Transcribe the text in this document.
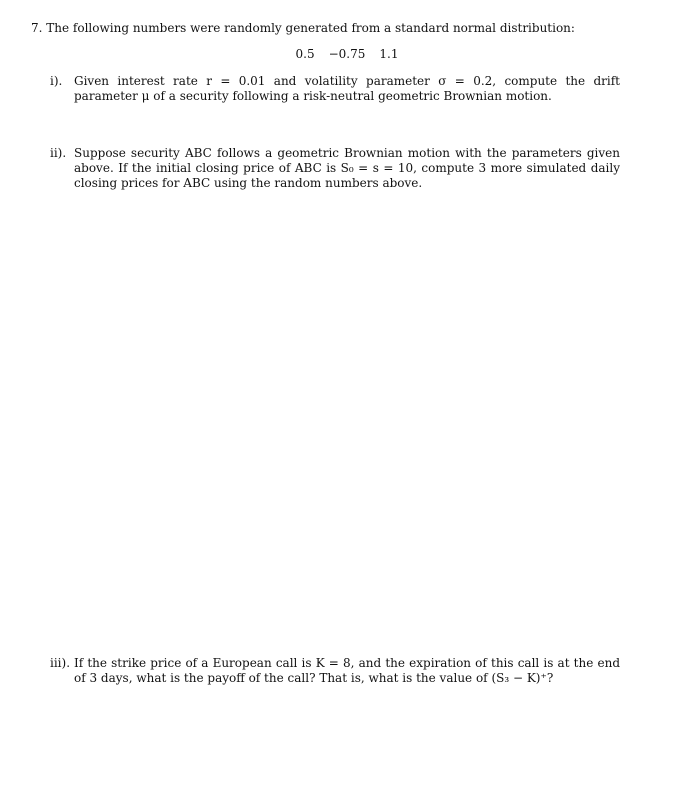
7. The following numbers were randomly generated from a standard normal distribution:
0.5 −0.75 1.1
i). Given interest rate r = 0.01 and volatility parameter σ = 0.2, compute the drift parameter μ of a security following a risk-neutral geometric Brownian motion.
ii). Suppose security ABC follows a geometric Brownian motion with the parameters given above. If the initial closing price of ABC is S₀ = s = 10, compute 3 more simulated daily closing prices for ABC using the random numbers above.
iii). If the strike price of a European call is K = 8, and the expiration of this call is at the end of 3 days, what is the payoff of the call? That is, what is the value of (S₃ − K)⁺?
